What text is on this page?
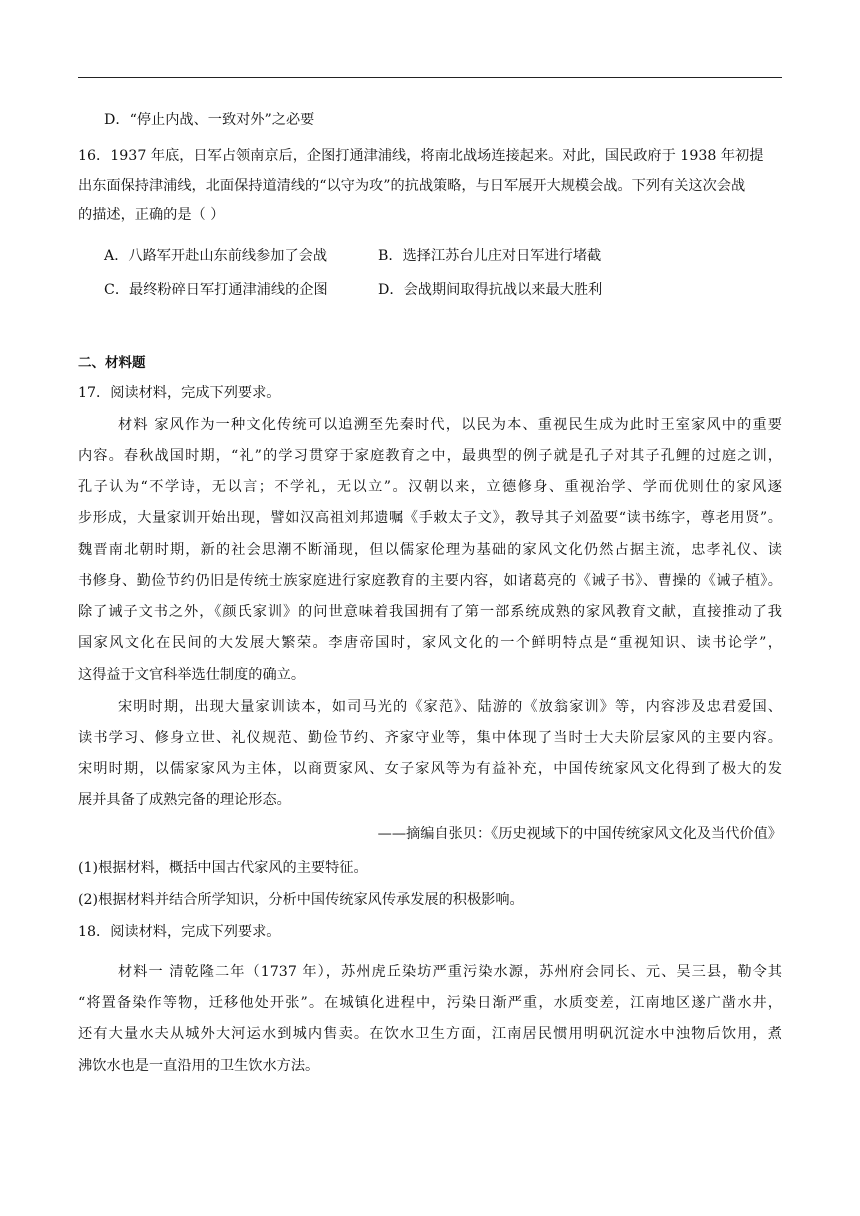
D．“停止内战、一致对外”之必要
16．1937 年底，日军占领南京后，企图打通津浦线，将南北战场连接起来。对此，国民政府于 1938 年初提
出东面保持津浦线，北面保持道清线的“以守为攻”的抗战策略，与日军展开大规模会战。下列有关这次会战
的描述，正确的是（ ）
A．八路军开赴山东前线参加了会战	B．选择江苏台儿庄对日军进行堵截
C．最终粉碎日军打通津浦线的企图	D．会战期间取得抗战以来最大胜利
二、材料题
17．阅读材料，完成下列要求。
材料 家风作为一种文化传统可以追溯至先秦时代，以民为本、重视民生成为此时王室家风中的重要
内容。春秋战国时期，“礼”的学习贯穿于家庭教育之中，最典型的例子就是孔子对其子孔鲤的过庭之训，
孔子认为“不学诗，无以言；不学礼，无以立”。汉朝以来，立德修身、重视治学、学而优则仕的家风逐
步形成，大量家训开始出现，譬如汉高祖刘邦遗嘱《手敕太子文》，教导其子刘盈要“读书练字，尊老用贤”。
魏晋南北朝时期，新的社会思潮不断涌现，但以儒家伦理为基础的家风文化仍然占据主流，忠孝礼仪、读
书修身、勤俭节约仍旧是传统士族家庭进行家庭教育的主要内容，如诸葛亮的《诫子书》、曹操的《诫子植》。
除了诫子文书之外，《颜氏家训》的问世意味着我国拥有了第一部系统成熟的家风教育文献，直接推动了我
国家风文化在民间的大发展大繁荣。李唐帝国时，家风文化的一个鲜明特点是“重视知识、读书论学”，
这得益于文官科举选仕制度的确立。
宋明时期，出现大量家训读本，如司马光的《家范》、陆游的《放翁家训》等，内容涉及忠君爱国、
读书学习、修身立世、礼仪规范、勤俭节约、齐家守业等，集中体现了当时士大夫阶层家风的主要内容。
宋明时期，以儒家家风为主体，以商贾家风、女子家风等为有益补充，中国传统家风文化得到了极大的发
展并具备了成熟完备的理论形态。
——摘编自张贝：《历史视域下的中国传统家风文化及当代价值》
(1)根据材料，概括中国古代家风的主要特征。
(2)根据材料并结合所学知识，分析中国传统家风传承发展的积极影响。
18．阅读材料，完成下列要求。
材料一 清乾隆二年（1737 年），苏州虎丘染坊严重污染水源，苏州府会同长、元、吴三县，勒令其
“将置备染作等物，迁移他处开张”。在城镇化进程中，污染日渐严重，水质变差，江南地区遂广凿水井，
还有大量水夫从城外大河运水到城内售卖。在饮水卫生方面，江南居民惯用明矾沉淀水中浊物后饮用，煮
沸饮水也是一直沿用的卫生饮水方法。
